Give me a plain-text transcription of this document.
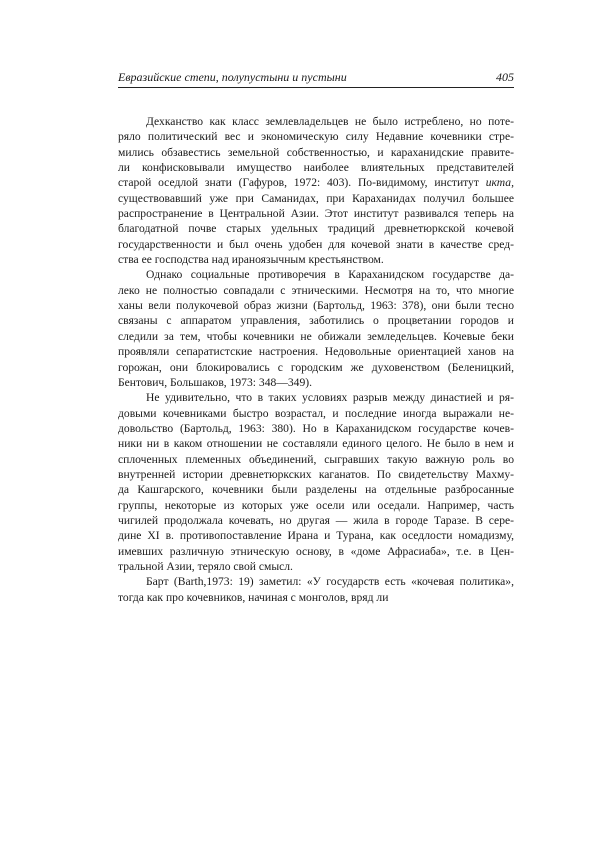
Евразийские степи, полупустыни и пустыни	405
Дехканство как класс землевладельцев не было истреблено, но поте-
ряло политический вес и экономическую силу Недавние кочевники стре-
мились обзавестись земельной собственностью, и караханидские правите-
ли конфисковывали имущество наиболее влиятельных представителей
старой оседлой знати (Гафуров, 1972: 403). По-видимому, институт икта,
существовавший уже при Саманидах, при Караханидах получил большее
распространение в Центральной Азии. Этот институт развивался теперь на
благодатной почве старых удельных традиций древнетюркской кочевой
государственности и был очень удобен для кочевой знати в качестве сред-
ства ее господства над ираноязычным крестьянством.
Однако социальные противоречия в Караханидском государстве да-
леко не полностью совпадали с этническими. Несмотря на то, что многие
ханы вели полукочевой образ жизни (Бартольд, 1963: 378), они были тесно
связаны с аппаратом управления, заботились о процветании городов и
следили за тем, чтобы кочевники не обижали земледельцев. Кочевые беки
проявляли сепаратистские настроения. Недовольные ориентацией ханов на
горожан, они блокировались с городским же духовенством (Беленицкий,
Бентович, Большаков, 1973: 348—349).
Не удивительно, что в таких условиях разрыв между династией и ря-
довыми кочевниками быстро возрастал, и последние иногда выражали не-
довольство (Бартольд, 1963: 380). Но в Караханидском государстве кочев-
ники ни в каком отношении не составляли единого целого. Не было в нем и
сплоченных племенных объединений, сыгравших такую важную роль во
внутренней истории древнетюркских каганатов. По свидетельству Махму-
да Кашгарского, кочевники были разделены на отдельные разбросанные
группы, некоторые из которых уже осели или оседали. Например, часть
чигилей продолжала кочевать, но другая — жила в городе Таразе. В сере-
дине XI в. противопоставление Ирана и Турана, как оседлости номадизму,
имевших различную этническую основу, в «доме Афрасиаба», т.е. в Цен-
тральной Азии, теряло свой смысл.
Барт (Barth,1973: 19) заметил: «У государств есть «кочевая политика»,
тогда как про кочевников, начиная с монголов, вряд ли
